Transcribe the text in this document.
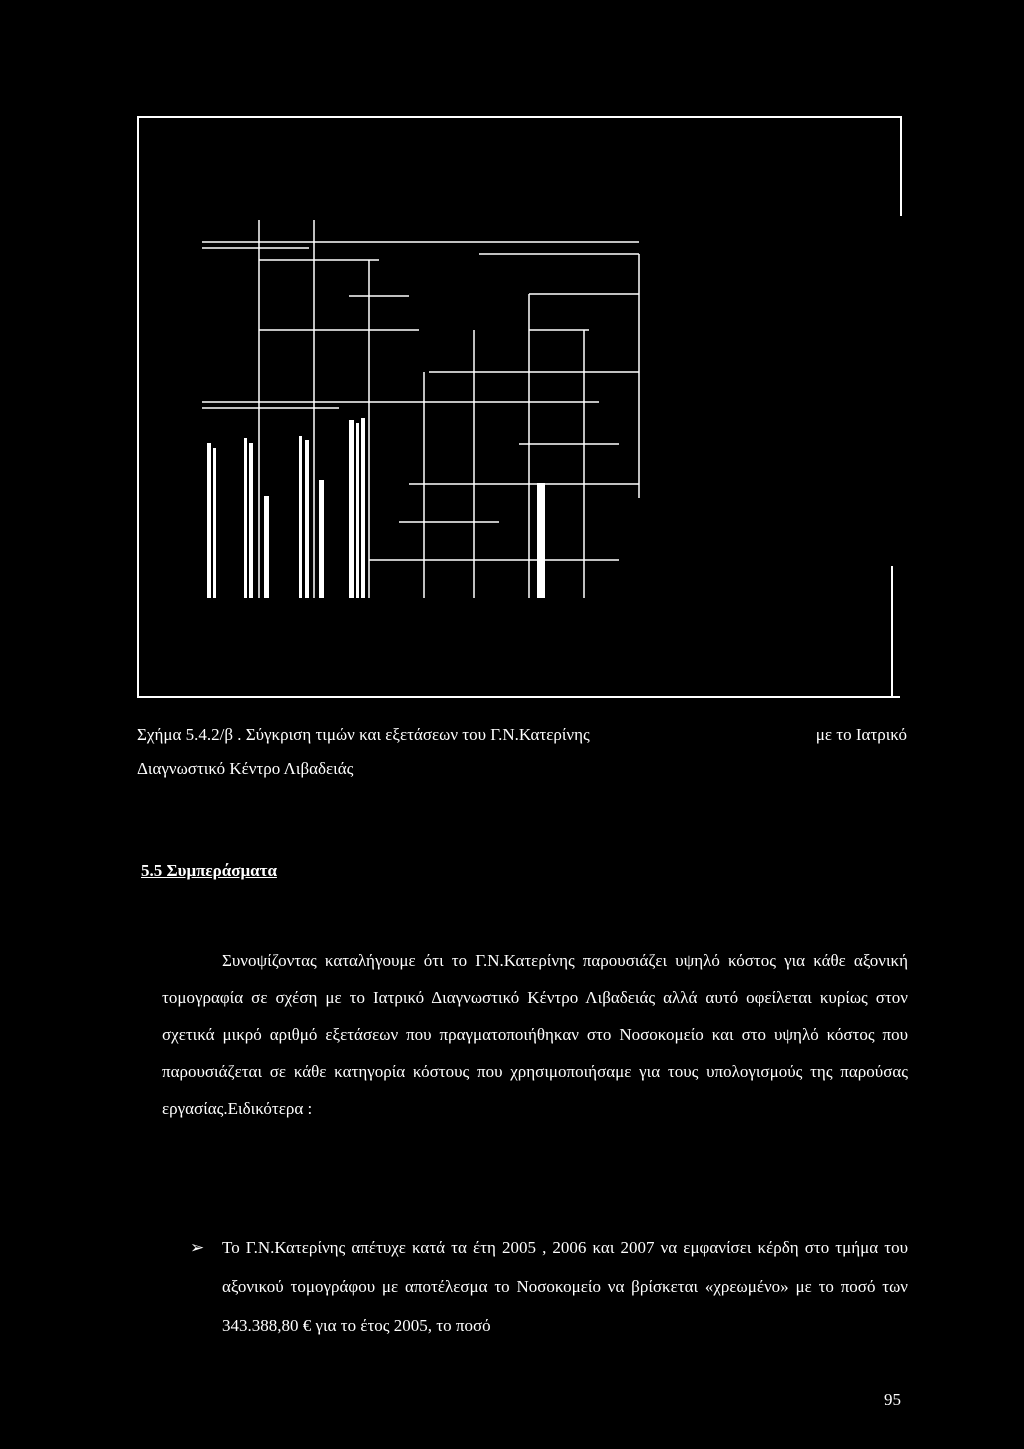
Σχήμα 5.4.2/β . Σύγκριση τιμών και εξετάσεων του Γ.Ν.Κατερίνης	με το Ιατρικό
Διαγνωστικό Κέντρο Λιβαδειάς
5.5 Συμπεράσματα

Συνοψίζοντας καταλήγουμε ότι το Γ.Ν.Κατερίνης παρουσιάζει υψηλό κόστος για κάθε αξονική τομογραφία σε σχέση με το Ιατρικό Διαγνωστικό Κέντρο Λιβαδειάς αλλά αυτό οφείλεται κυρίως στον σχετικά μικρό αριθμό εξετάσεων που πραγματοποιήθηκαν στο Νοσοκομείο και στο υψηλό κόστος που παρουσιάζεται σε κάθε κατηγορία κόστους που χρησιμοποιήσαμε για τους υπολογισμούς της παρούσας εργασίας.Ειδικότερα :

➢ Το Γ.Ν.Κατερίνης απέτυχε κατά τα έτη 2005 , 2006 και 2007 να εμφανίσει κέρδη στο τμήμα του αξονικού τομογράφου με αποτέλεσμα το Νοσοκομείο να βρίσκεται «χρεωμένο» με το ποσό των 343.388,80 € για το έτος 2005, το ποσό

95
